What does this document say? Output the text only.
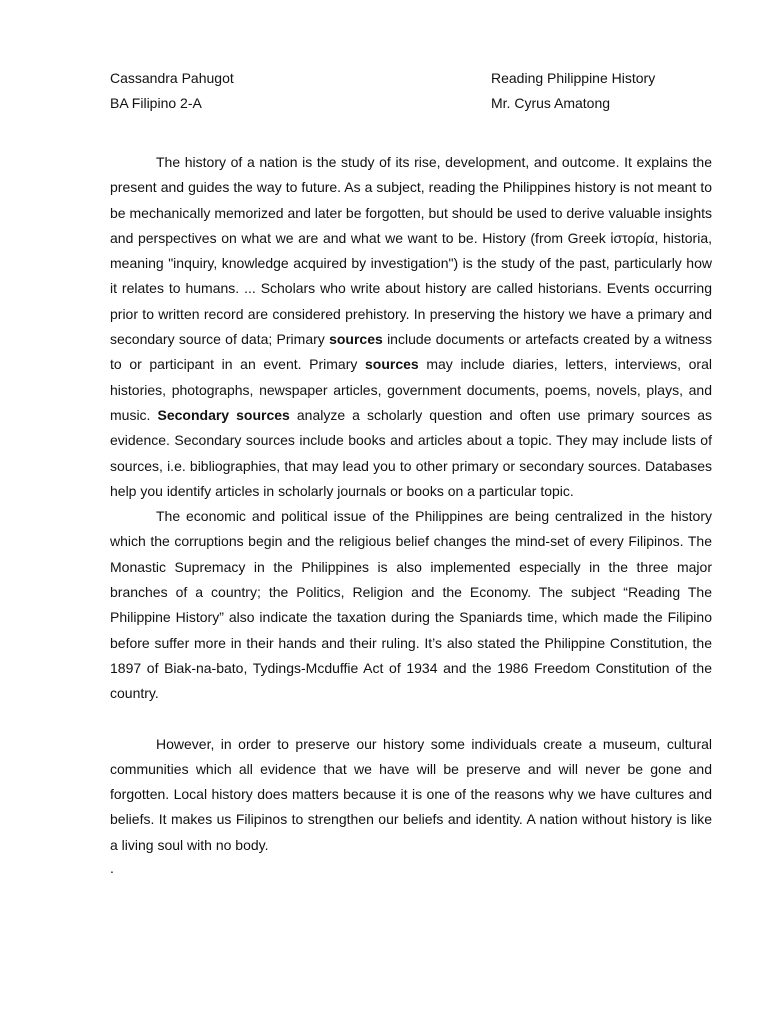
Cassandra Pahugot
BA Filipino 2-A
Reading Philippine History
Mr. Cyrus Amatong

The history of a nation is the study of its rise, development, and outcome. It explains the present and guides the way to future. As a subject, reading the Philippines history is not meant to be mechanically memorized and later be forgotten, but should be used to derive valuable insights and perspectives on what we are and what we want to be. History (from Greek ἱστορία, historia, meaning "inquiry, knowledge acquired by investigation") is the study of the past, particularly how it relates to humans. ... Scholars who write about history are called historians. Events occurring prior to written record are considered prehistory. In preserving the history we have a primary and secondary source of data; Primary sources include documents or artefacts created by a witness to or participant in an event. Primary sources may include diaries, letters, interviews, oral histories, photographs, newspaper articles, government documents, poems, novels, plays, and music. Secondary sources analyze a scholarly question and often use primary sources as evidence. Secondary sources include books and articles about a topic. They may include lists of sources, i.e. bibliographies, that may lead you to other primary or secondary sources. Databases help you identify articles in scholarly journals or books on a particular topic.

The economic and political issue of the Philippines are being centralized in the history which the corruptions begin and the religious belief changes the mind-set of every Filipinos. The Monastic Supremacy in the Philippines is also implemented especially in the three major branches of a country; the Politics, Religion and the Economy. The subject “Reading The Philippine History” also indicate the taxation during the Spaniards time, which made the Filipino before suffer more in their hands and their ruling. It’s also stated the Philippine Constitution, the 1897 of Biak-na-bato, Tydings-Mcduffie Act of 1934 and the 1986 Freedom Constitution of the country.

However, in order to preserve our history some individuals create a museum, cultural communities which all evidence that we have will be preserve and will never be gone and forgotten. Local history does matters because it is one of the reasons why we have cultures and beliefs. It makes us Filipinos to strengthen our beliefs and identity. A nation without history is like a living soul with no body.

.
